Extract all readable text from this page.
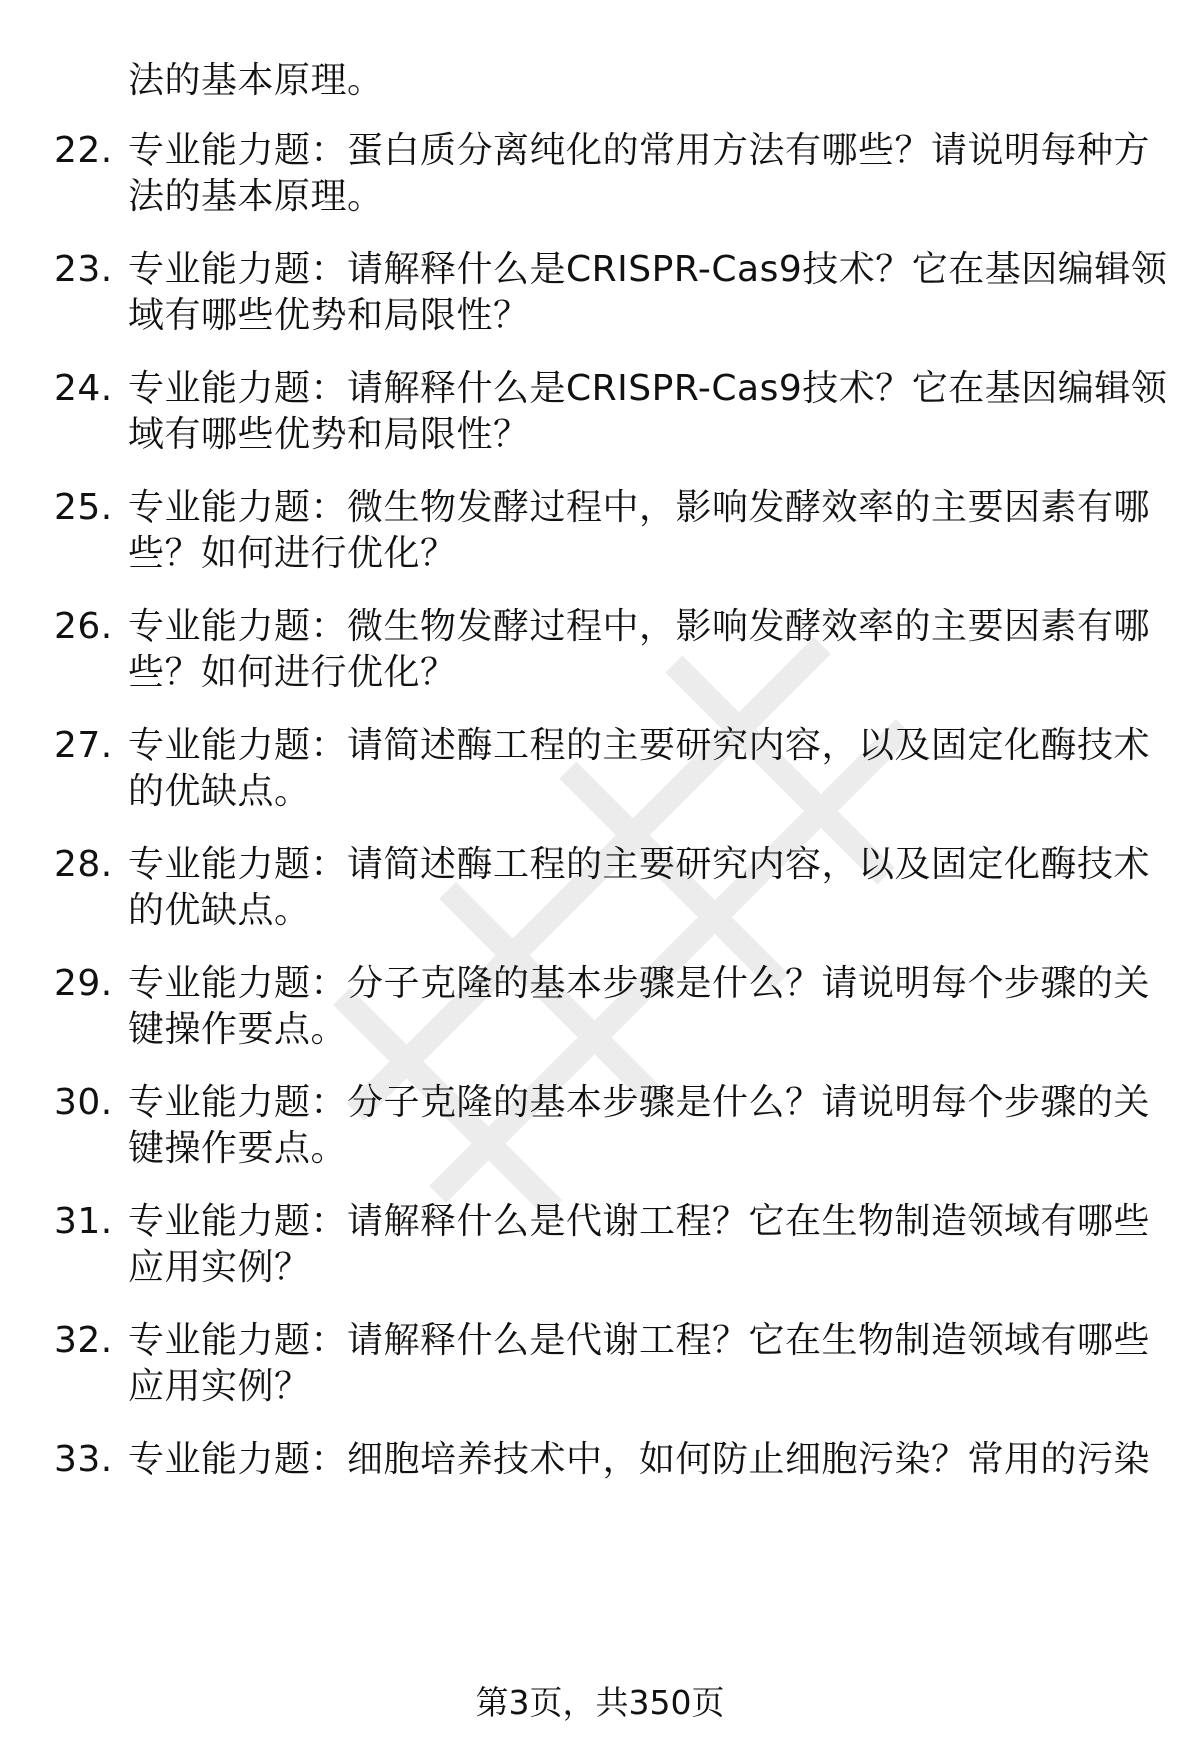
法的基本原理。
22. 专业能力题：蛋白质分离纯化的常用方法有哪些？请说明每种方
法的基本原理。
23. 专业能力题：请解释什么是CRISPR-Cas9技术？它在基因编辑领
域有哪些优势和局限性？
24. 专业能力题：请解释什么是CRISPR-Cas9技术？它在基因编辑领
域有哪些优势和局限性？
25. 专业能力题：微生物发酵过程中，影响发酵效率的主要因素有哪
些？如何进行优化？
26. 专业能力题：微生物发酵过程中，影响发酵效率的主要因素有哪
些？如何进行优化？
27. 专业能力题：请简述酶工程的主要研究内容，以及固定化酶技术
的优缺点。
28. 专业能力题：请简述酶工程的主要研究内容，以及固定化酶技术
的优缺点。
29. 专业能力题：分子克隆的基本步骤是什么？请说明每个步骤的关
键操作要点。
30. 专业能力题：分子克隆的基本步骤是什么？请说明每个步骤的关
键操作要点。
31. 专业能力题：请解释什么是代谢工程？它在生物制造领域有哪些
应用实例？
32. 专业能力题：请解释什么是代谢工程？它在生物制造领域有哪些
应用实例？
33. 专业能力题：细胞培养技术中，如何防止细胞污染？常用的污染
第3页，共350页
